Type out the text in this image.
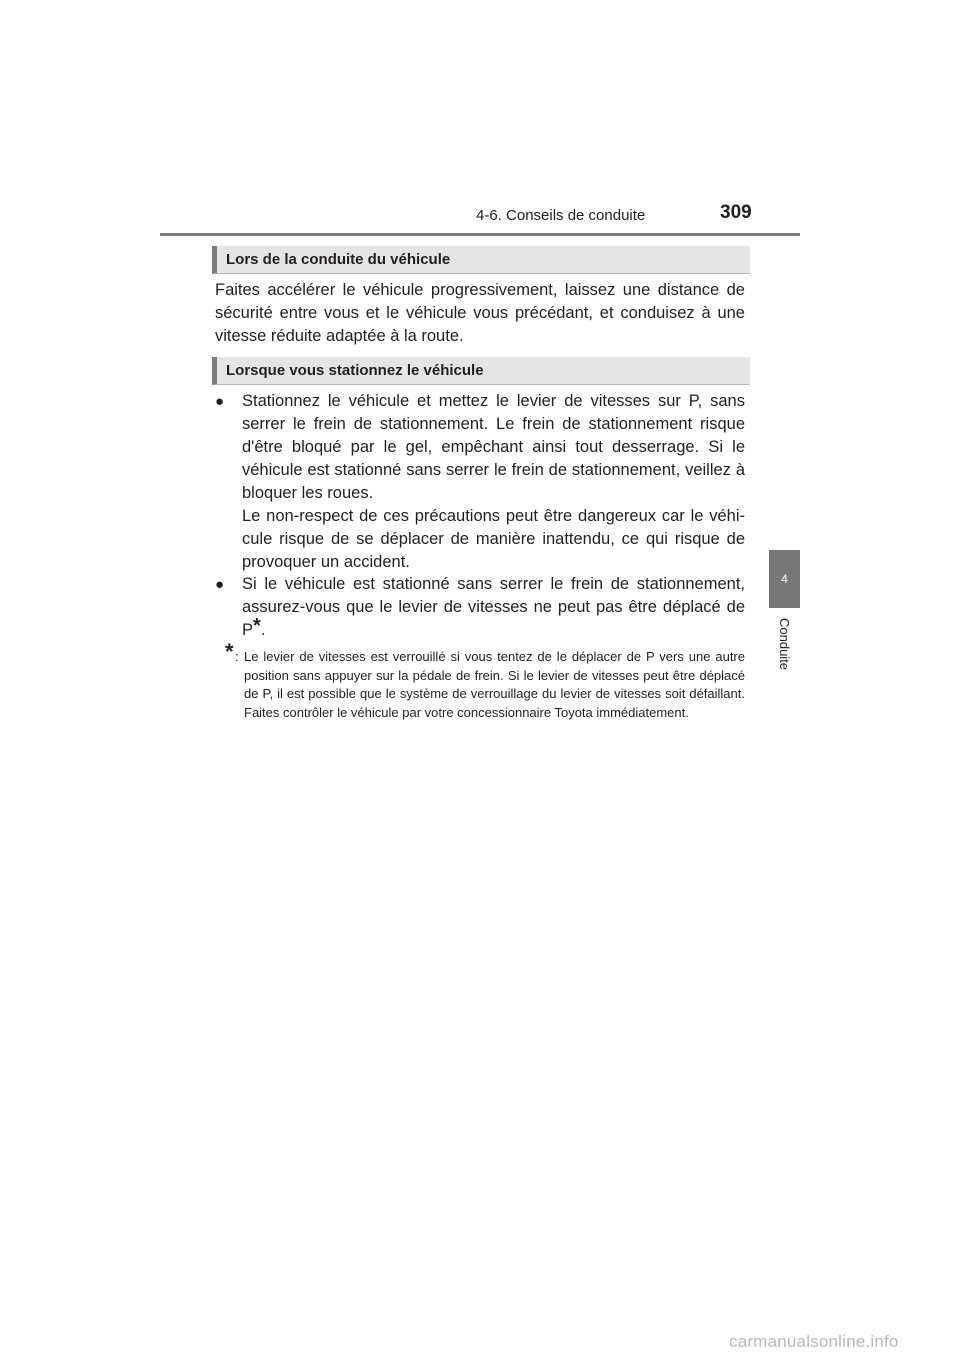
4-6. Conseils de conduite	309
4
Conduite
Lors de la conduite du véhicule

Faites accélérer le véhicule progressivement, laissez une distance de sécurité entre vous et le véhicule vous précédant, et conduisez à une vitesse réduite adaptée à la route.

Lorsque vous stationnez le véhicule
● Stationnez le véhicule et mettez le levier de vitesses sur P, sans serrer le frein de stationnement. Le frein de stationnement risque d'être bloqué par le gel, empêchant ainsi tout desserrage. Si le véhicule est stationné sans serrer le frein de stationnement, veillez à bloquer les roues.
Le non-respect de ces précautions peut être dangereux car le véhicule risque de se déplacer de manière inattendu, ce qui risque de provoquer un accident.

● Si le véhicule est stationné sans serrer le frein de stationnement, assurez-vous que le levier de vitesses ne peut pas être déplacé de P*.

* : Le levier de vitesses est verrouillé si vous tentez de le déplacer de P vers une autre position sans appuyer sur la pédale de frein. Si le levier de vitesses peut être déplacé de P, il est possible que le système de verrouillage du levier de vitesses soit défaillant. Faites contrôler le véhicule par votre concessionnaire Toyota immédiatement.

carmanualsonline.info
